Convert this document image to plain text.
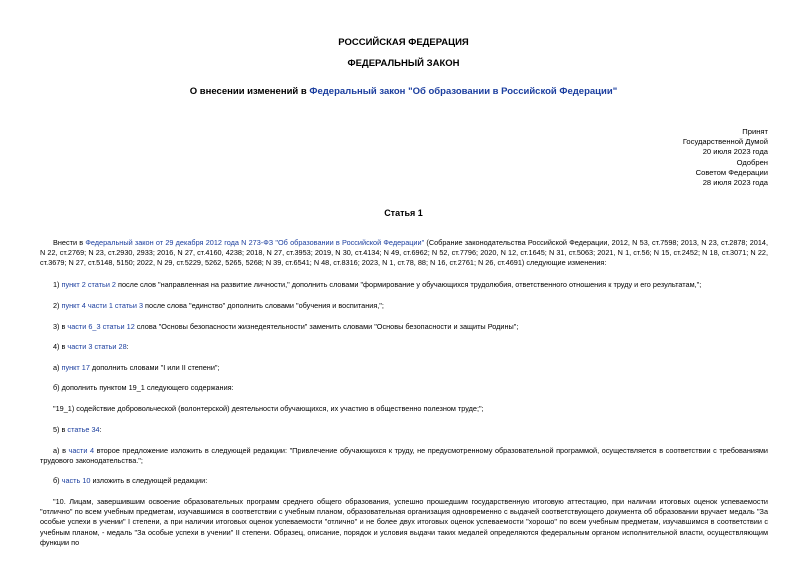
РОССИЙСКАЯ ФЕДЕРАЦИЯ
ФЕДЕРАЛЬНЫЙ ЗАКОН
О внесении изменений в Федеральный закон "Об образовании в Российской Федерации"
Принят
Государственной Думой
20 июля 2023 года
Одобрен
Советом Федерации
28 июля 2023 года
Статья 1
Внести в Федеральный закон от 29 декабря 2012 года N 273-ФЗ "Об образовании в Российской Федерации" (Собрание законодательства Российской Федерации, 2012, N 53, ст.7598; 2013, N 23, ст.2878; 2014, N 22, ст.2769; N 23, ст.2930, 2933; 2016, N 27, ст.4160, 4238; 2018, N 27, ст.3953; 2019, N 30, ст.4134; N 49, ст.6962; N 52, ст.7796; 2020, N 12, ст.1645; N 31, ст.5063; 2021, N 1, ст.56; N 15, ст.2452; N 18, ст.3071; N 22, ст.3679; N 27, ст.5148, 5150; 2022, N 29, ст.5229, 5262, 5265, 5268; N 39, ст.6541; N 48, ст.8316; 2023, N 1, ст.78, 88; N 16, ст.2761; N 26, ст.4691) следующие изменения:
1) пункт 2 статьи 2 после слов "направленная на развитие личности," дополнить словами "формирование у обучающихся трудолюбия, ответственного отношения к труду и его результатам,";
2) пункт 4 части 1 статьи 3 после слова "единство" дополнить словами "обучения и воспитания,";
3) в части 6_3 статьи 12 слова "Основы безопасности жизнедеятельности" заменить словами "Основы безопасности и защиты Родины";
4) в части 3 статьи 28:
а) пункт 17 дополнить словами "I или II степени";
б) дополнить пунктом 19_1 следующего содержания:
"19_1) содействие добровольческой (волонтерской) деятельности обучающихся, их участию в общественно полезном труде;";
5) в статье 34:
а) в части 4 второе предложение изложить в следующей редакции: "Привлечение обучающихся к труду, не предусмотренному образовательной программой, осуществляется в соответствии с требованиями трудового законодательства.";
б) часть 10 изложить в следующей редакции:
"10. Лицам, завершившим освоение образовательных программ среднего общего образования, успешно прошедшим государственную итоговую аттестацию, при наличии итоговых оценок успеваемости "отлично" по всем учебным предметам, изучавшимся в соответствии с учебным планом, образовательная организация одновременно с выдачей соответствующего документа об образовании вручает медаль "За особые успехи в учении" I степени, а при наличии итоговых оценок успеваемости "отлично" и не более двух итоговых оценок успеваемости "хорошо" по всем учебным предметам, изучавшимся в соответствии с учебным планом, - медаль "За особые успехи в учении" II степени. Образец, описание, порядок и условия выдачи таких медалей определяются федеральным органом исполнительной власти, осуществляющим функции по
